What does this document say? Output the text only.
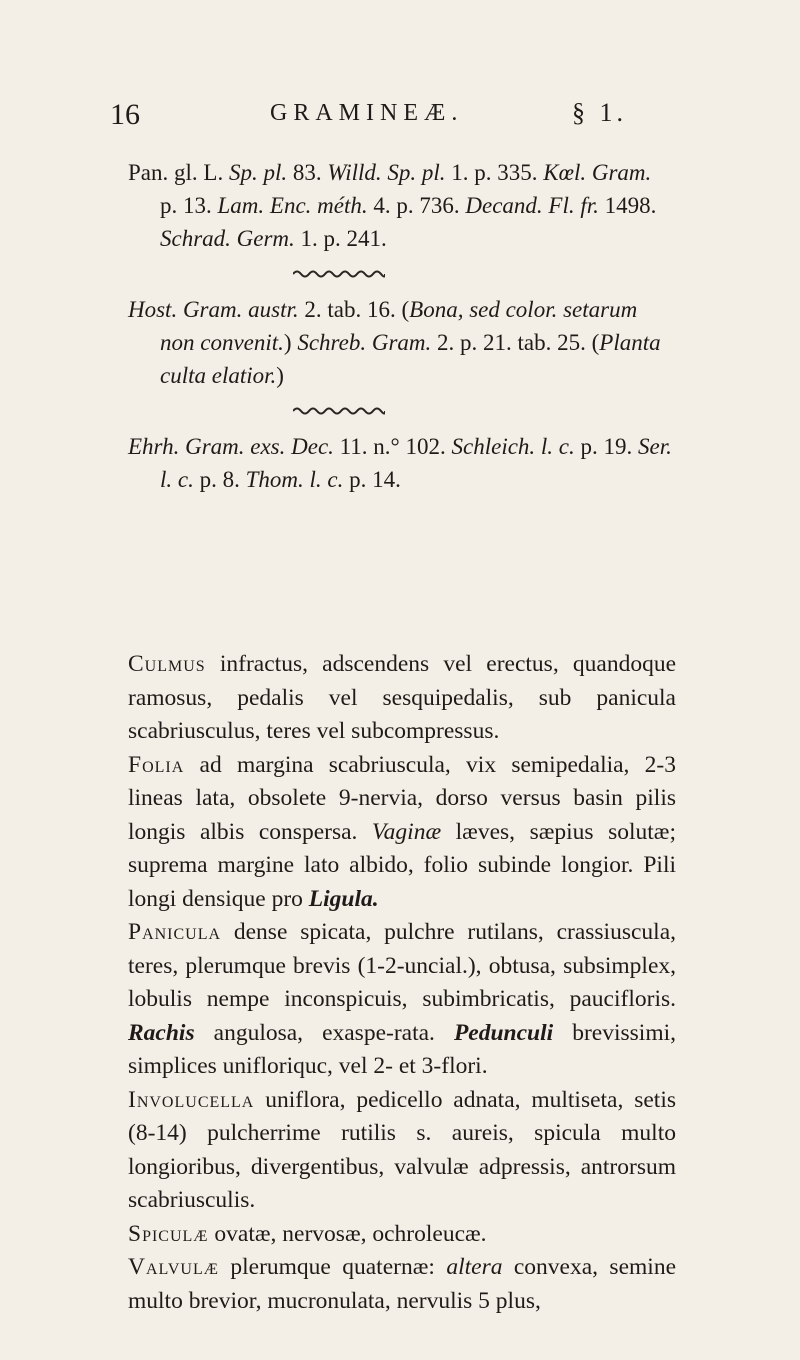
16	GRAMINEÆ.	§ 1.

Pan. gl. L. Sp. pl. 83. Willd. Sp. pl. 1. p. 335. Kœl. Gram. p. 13. Lam. Enc. méth. 4. p. 736. Decand. Fl. fr. 1498. Schrad. Germ. 1. p. 241.

Host. Gram. austr. 2. tab. 16. (Bona, sed color. setarum non convenit.) Schreb. Gram. 2. p. 21. tab. 25. (Planta culta elatior.)

Ehrh. Gram. exs. Dec. 11. n.° 102. Schleich. l. c. p. 19. Ser. l. c. p. 8. Thom. l. c. p. 14.

Culmus infractus, adscendens vel erectus, quandoque ramosus, pedalis vel sesquipedalis, sub panicula scabriusculus, teres vel subcompressus.

Folia ad margina scabriuscula, vix semipedalia, 2-3 lineas lata, obsolete 9-nervia, dorso versus basin pilis longis albis conspersa. Vaginæ læves, sæpius solutæ; suprema margine lato albido, folio subinde longior. Pili longi densique pro Ligula.

Panicula dense spicata, pulchre rutilans, crassiuscula, teres, plerumque brevis (1-2-uncial.), obtusa, subsimplex, lobulis nempe inconspicuis, subimbricatis, paucifloris. Rachis angulosa, exaspe-rata. Pedunculi brevissimi, simplices unifloriquc, vel 2- et 3-flori.

Involucella uniflora, pedicello adnata, multiseta, setis (8-14) pulcherrime rutilis s. aureis, spicula multo longioribus, divergentibus, valvulæ adpressis, antrorsum scabriusculis.

Spiculæ ovatæ, nervosæ, ochroleucæ.

Valvulæ plerumque quaternæ: altera convexa, semine multo brevior, mucronulata, nervulis 5 plus,
